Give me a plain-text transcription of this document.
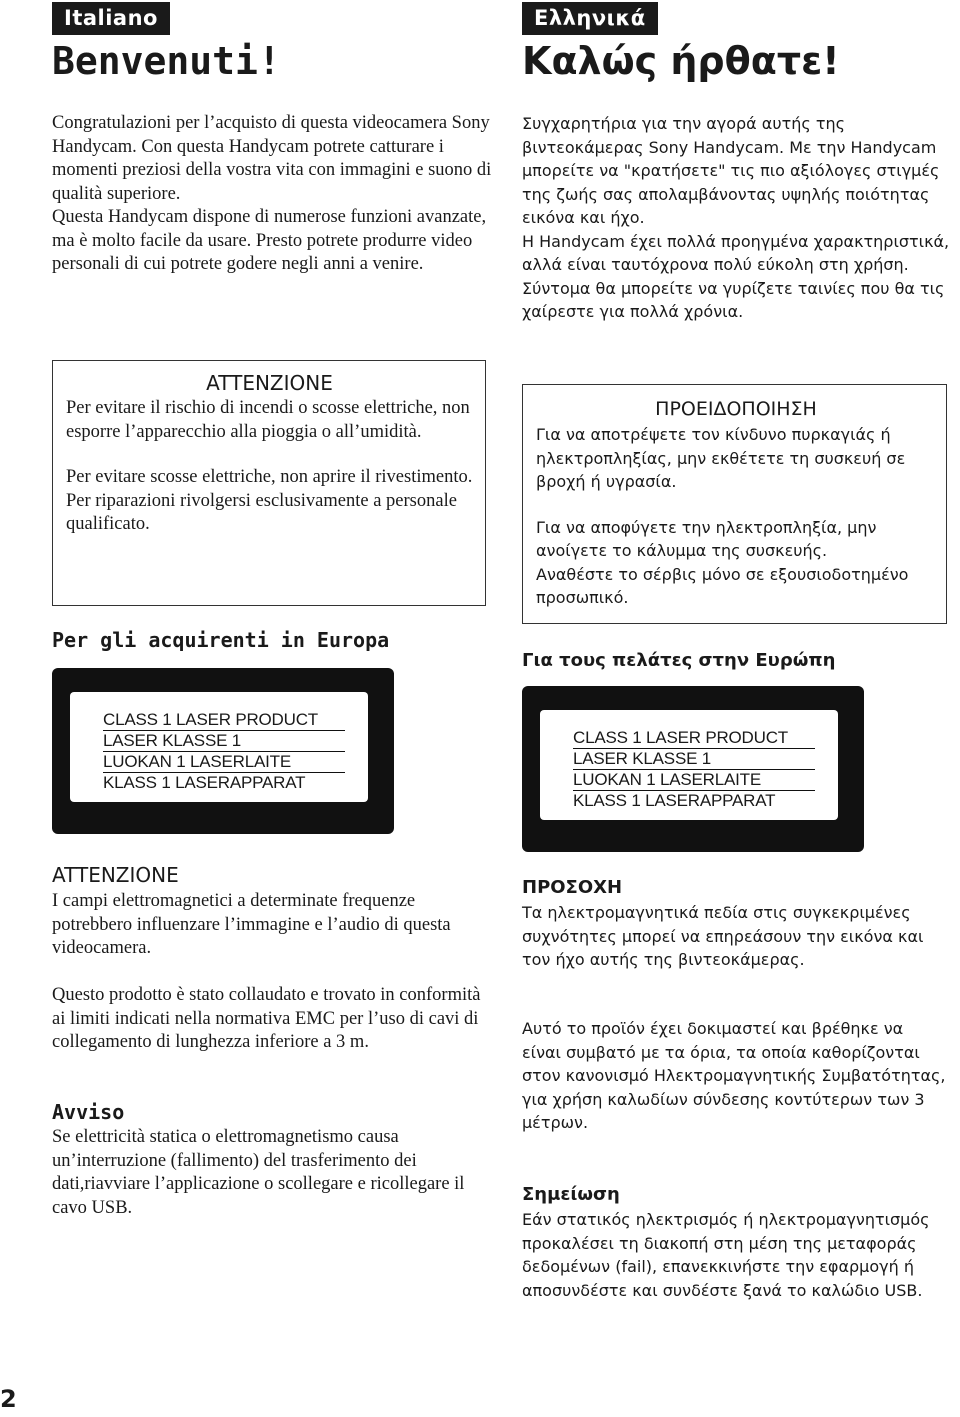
Italiano
Benvenuti!

Congratulazioni per l’acquisto di questa videocamera Sony Handycam. Con questa Handycam potrete catturare i momenti preziosi della vostra vita con immagini e suono di qualità superiore.
Questa Handycam dispone di numerose funzioni avanzate, ma è molto facile da usare. Presto potrete produrre video personali di cui potrete godere negli anni a venire.

ATTENZIONE

Per evitare il rischio di incendi o scosse elettriche, non esporre l’apparecchio alla pioggia o all’umidità.

Per evitare scosse elettriche, non aprire il rivestimento.
Per riparazioni rivolgersi esclusivamente a personale qualificato.

Per gli acquirenti in Europa
CLASS 1 LASER PRODUCT
LASER KLASSE 1
LUOKAN 1 LASERLAITE
KLASS 1 LASERAPPARAT
ATTENZIONE

I campi elettromagnetici a determinate frequenze potrebbero influenzare l’immagine e l’audio di questa videocamera.

Questo prodotto è stato collaudato e trovato in conformità ai limiti indicati nella normativa EMC per l’uso di cavi di collegamento di lunghezza inferiore a 3 m.

Avviso

Se elettricità statica o elettromagnetismo causa un’interruzione (fallimento) del trasferimento dei dati,riavviare l’applicazione o scollegare e ricollegare il cavo USB.

2
Ελληνικά
Καλώς ήρθατε!

Συγχαρητήρια για την αγορά αυτής της βιντεοκάμερας Sony Handycam. Με την Handycam μπορείτε να "κρατήσετε" τις πιο αξιόλογες στιγμές της ζωής σας απολαμβάνοντας υψηλής ποιότητας εικόνα και ήχο.
Η Handycam έχει πολλά προηγμένα χαρακτηριστικά, αλλά είναι ταυτόχρονα πολύ εύκολη στη χρήση. Σύντομα θα μπορείτε να γυρίζετε ταινίες που θα τις χαίρεστε για πολλά χρόνια.

ΠΡΟΕΙΔΟΠΟΙΗΣΗ

Για να αποτρέψετε τον κίνδυνο πυρκαγιάς ή ηλεκτροπληξίας, μην εκθέτετε τη συσκευή σε βροχή ή υγρασία.

Για να αποφύγετε την ηλεκτροπληξία, μην ανοίγετε το κάλυμμα της συσκευής.
Αναθέστε το σέρβις μόνο σε εξουσιοδοτημένο προσωπικό.

Για τους πελάτες στην Ευρώπη
CLASS 1 LASER PRODUCT
LASER KLASSE 1
LUOKAN 1 LASERLAITE
KLASS 1 LASERAPPARAT
ΠΡΟΣΟΧΗ

Τα ηλεκτρομαγνητικά πεδία στις συγκεκριμένες συχνότητες μπορεί να επηρεάσουν την εικόνα και τον ήχο αυτής της βιντεοκάμερας.

Αυτό το προϊόν έχει δοκιμαστεί και βρέθηκε να είναι συμβατό με τα όρια, τα οποία καθορίζονται στον κανονισμό Ηλεκτρομαγνητικής Συμβατότητας, για χρήση καλωδίων σύνδεσης κοντύτερων των 3 μέτρων.

Σημείωση

Εάν στατικός ηλεκτρισμός ή ηλεκτρομαγνητισμός προκαλέσει τη διακοπή στη μέση της μεταφοράς δεδομένων (fail), επανεκκινήστε την εφαρμογή ή αποσυνδέστε και συνδέστε ξανά το καλώδιο USB.
